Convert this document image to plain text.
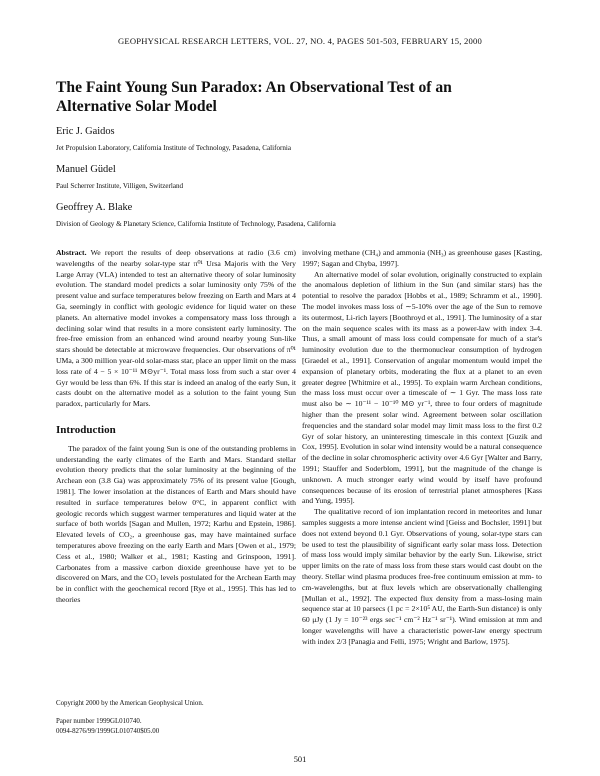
GEOPHYSICAL RESEARCH LETTERS, VOL. 27, NO. 4, PAGES 501-503, FEBRUARY 15, 2000
The Faint Young Sun Paradox: An Observational Test of an Alternative Solar Model

Eric J. Gaidos

Jet Propulsion Laboratory, California Institute of Technology, Pasadena, California

Manuel Güdel

Paul Scherrer Institute, Villigen, Switzerland

Geoffrey A. Blake

Division of Geology & Planetary Science, California Institute of Technology, Pasadena, California

Abstract. We report the results of deep observations at radio (3.6 cm) wavelengths of the nearby solar-type star π⁰¹ Ursa Majoris with the Very Large Array (VLA) intended to test an alternative theory of solar luminosity evolution. The standard model predicts a solar luminosity only 75% of the present value and surface temperatures below freezing on Earth and Mars at 4 Ga, seemingly in conflict with geologic evidence for liquid water on these planets. An alternative model invokes a compensatory mass loss through a declining solar wind that results in a more consistent early luminosity. The free-free emission from an enhanced wind around nearby young Sun-like stars should be detectable at microwave frequencies. Our observations of π⁰¹ UMa, a 300 million year-old solar-mass star, place an upper limit on the mass loss rate of 4 − 5 × 10⁻¹¹ M⊙yr⁻¹. Total mass loss from such a star over 4 Gyr would be less than 6%. If this star is indeed an analog of the early Sun, it casts doubt on the alternative model as a solution to the faint young Sun paradox, particularly for Mars.

Introduction

The paradox of the faint young Sun is one of the outstanding problems in understanding the early climates of the Earth and Mars. Standard stellar evolution theory predicts that the solar luminosity at the beginning of the Archean eon (3.8 Ga) was approximately 75% of its present value [Gough, 1981]. The lower insolation at the distances of Earth and Mars should have resulted in surface temperatures below 0°C, in apparent conflict with geologic records which suggest warmer temperatures and liquid water at the surface of both worlds [Sagan and Mullen, 1972; Karhu and Epstein, 1986]. Elevated levels of CO₂, a greenhouse gas, may have maintained surface temperatures above freezing on the early Earth and Mars [Owen et al., 1979; Cess et al., 1980; Walker et al., 1981; Kasting and Grinspoon, 1991]. Carbonates from a massive carbon dioxide greenhouse have yet to be discovered on Mars, and the CO₂ levels postulated for the Archean Earth may be in conflict with the geochemical record [Rye et al., 1995]. This has led to theories

involving methane (CH₄) and ammonia (NH₃) as greenhouse gases [Kasting, 1997; Sagan and Chyba, 1997].

An alternative model of solar evolution, originally constructed to explain the anomalous depletion of lithium in the Sun (and similar stars) has the potential to resolve the paradox [Hobbs et al., 1989; Schramm et al., 1990]. The model invokes mass loss of ∼5-10% over the age of the Sun to remove its outermost, Li-rich layers [Boothroyd et al., 1991]. The luminosity of a star on the main sequence scales with its mass as a power-law with index 3-4. Thus, a small amount of mass loss could compensate for much of a star's luminosity evolution due to the thermonuclear consumption of hydrogen [Graedel et al., 1991]. Conservation of angular momentum would impel the expansion of planetary orbits, moderating the flux at a planet to an even greater degree [Whitmire et al., 1995]. To explain warm Archean conditions, the mass loss must occur over a timescale of ∼ 1 Gyr. The mass loss rate must also be ∼ 10⁻¹¹ − 10⁻¹⁰ M⊙ yr⁻¹, three to four orders of magnitude higher than the present solar wind. Agreement between solar oscillation frequencies and the standard solar model may limit mass loss to the first 0.2 Gyr of solar history, an uninteresting timescale in this context [Guzik and Cox, 1995]. Evolution in solar wind intensity would be a natural consequence of the decline in solar chromospheric activity over 4.6 Gyr [Walter and Barry, 1991; Stauffer and Soderblom, 1991], but the magnitude of the change is unknown. A much stronger early wind would by itself have profound consequences because of its erosion of terrestrial planet atmospheres [Kass and Yung, 1995].

The qualitative record of ion implantation record in meteorites and lunar samples suggests a more intense ancient wind [Geiss and Bochsler, 1991] but does not extend beyond 0.1 Gyr. Observations of young, solar-type stars can be used to test the plausibility of significant early solar mass loss. Detection of mass loss would imply similar behavior by the early Sun. Likewise, strict upper limits on the rate of mass loss from these stars would cast doubt on the theory. Stellar wind plasma produces free-free continuum emission at mm- to cm-wavelengths, but at flux levels which are observationally challenging [Mullan et al., 1992]. The expected flux density from a mass-losing main sequence star at 10 parsecs (1 pc = 2×10⁵ AU, the Earth-Sun distance) is only 60 μJy (1 Jy = 10⁻²³ ergs sec⁻¹ cm⁻² Hz⁻¹ sr⁻¹). Wind emission at mm and longer wavelengths will have a characteristic power-law energy spectrum with index 2/3 [Panagia and Felli, 1975; Wright and Barlow, 1975].

Copyright 2000 by the American Geophysical Union.
Paper number 1999GL010740.
0094-8276/99/1999GL010740$05.00
501
